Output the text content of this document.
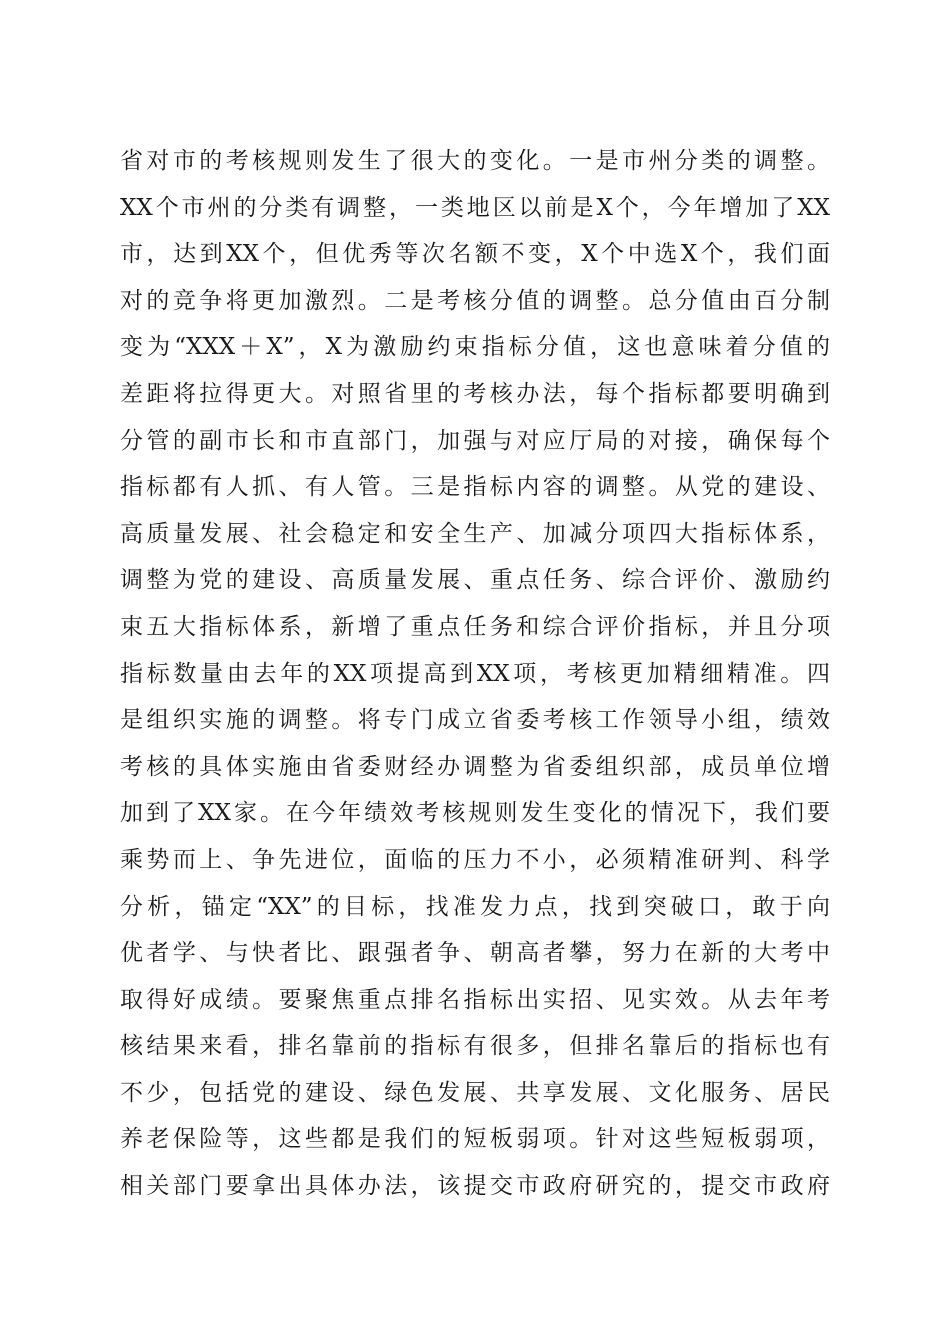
省对市的考核规则发生了很大的变化。一是市州分类的调整。
XX个市州的分类有调整，一类地区以前是X个，今年增加了XX
市，达到XX个，但优秀等次名额不变，X个中选X个，我们面
对的竞争将更加激烈。二是考核分值的调整。总分值由百分制
变为“XXX＋X”，X为激励约束指标分值，这也意味着分值的
差距将拉得更大。对照省里的考核办法，每个指标都要明确到
分管的副市长和市直部门，加强与对应厅局的对接，确保每个
指标都有人抓、有人管。三是指标内容的调整。从党的建设、
高质量发展、社会稳定和安全生产、加减分项四大指标体系，
调整为党的建设、高质量发展、重点任务、综合评价、激励约
束五大指标体系，新增了重点任务和综合评价指标，并且分项
指标数量由去年的XX项提高到XX项，考核更加精细精准。四
是组织实施的调整。将专门成立省委考核工作领导小组，绩效
考核的具体实施由省委财经办调整为省委组织部，成员单位增
加到了XX家。在今年绩效考核规则发生变化的情况下，我们要
乘势而上、争先进位，面临的压力不小，必须精准研判、科学
分析，锚定“XX”的目标，找准发力点，找到突破口，敢于向
优者学、与快者比、跟强者争、朝高者攀，努力在新的大考中
取得好成绩。要聚焦重点排名指标出实招、见实效。从去年考
核结果来看，排名靠前的指标有很多，但排名靠后的指标也有
不少，包括党的建设、绿色发展、共享发展、文化服务、居民
养老保险等，这些都是我们的短板弱项。针对这些短板弱项，
相关部门要拿出具体办法，该提交市政府研究的，提交市政府
